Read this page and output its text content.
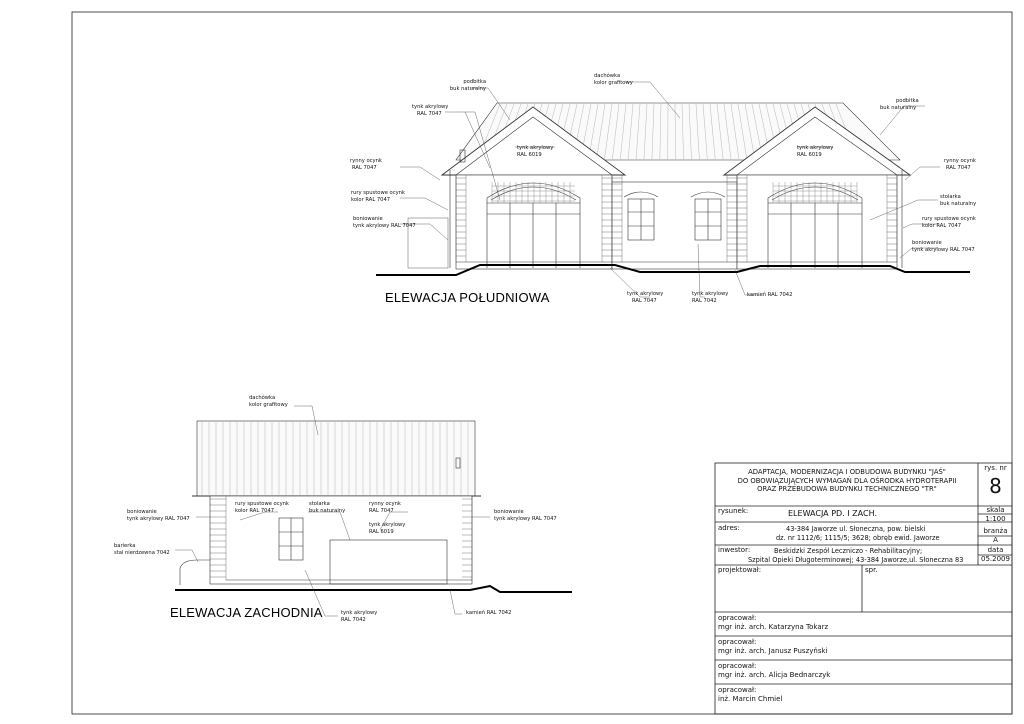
podbitka
buk naturalny
dachówka
kolor grafitowy
tynk akrylowy
RAL 7047
podbitka
buk naturalny
tynk akrylowy
RAL 6019
tynk akrylowy
RAL 6019
rynny ocynk
RAL 7047
rynny ocynk
RAL 7047
rury spustowe ocynk
kolor RAL 7047	stolarka
buk naturalny
boniowanie
tynk akrylowy RAL 7047
rury spustowe ocynk
kolor RAL 7047
boniowanie
tynk akrylowy RAL 7047
tynk akrylowy
RAL 7047
tynk akrylowy
RAL 7042
kamień RAL 7042
ELEWACJA POŁUDNIOWA
dachówka
kolor grafitowy
rury spustowe ocynk
kolor RAL 7047
stolarka
buk naturalny
rynny ocynk
RAL 7047
tynk akrylowy
RAL 6019
boniowanie
tynk akrylowy RAL 7047
boniowanie
tynk akrylowy RAL 7047
barierka
stal nierdzewna 7042
tynk akrylowy
RAL 7042
kamień RAL 7042
ELEWACJA ZACHODNIA
ADAPTACJA, MODERNIZACJA I ODBUDOWA BUDYNKU "JAŚ"
DO OBOWIĄZUJĄCYCH WYMAGAŃ DLA OŚRODKA HYDROTERAPII
ORAZ PRZEBUDOWA BUDYNKU TECHNICZNEGO "TR"
rys. nr
8
rysunek:	ELEWACJA PD. I ZACH.	skala
1:100
adres:	43-384 Jaworze ul. Słoneczna, pow. bielski
dz. nr 1112/6; 1115/5; 3628; obręb ewid. Jaworze
branża
A
inwestor:	Beskidzki Zespół Leczniczo - Rehabilitacyjny;
Szpital Opieki Długoterminowej; 43-384 Jaworze,ul. Słoneczna 83
data
05.2009
projektował:	spr.
opracował:
mgr inż. arch. Katarzyna Tokarz
opracował:
mgr inż. arch. Janusz Puszyński
opracował:
mgr inż. arch. Alicja Bednarczyk
opracował:
inż. Marcin Chmiel
